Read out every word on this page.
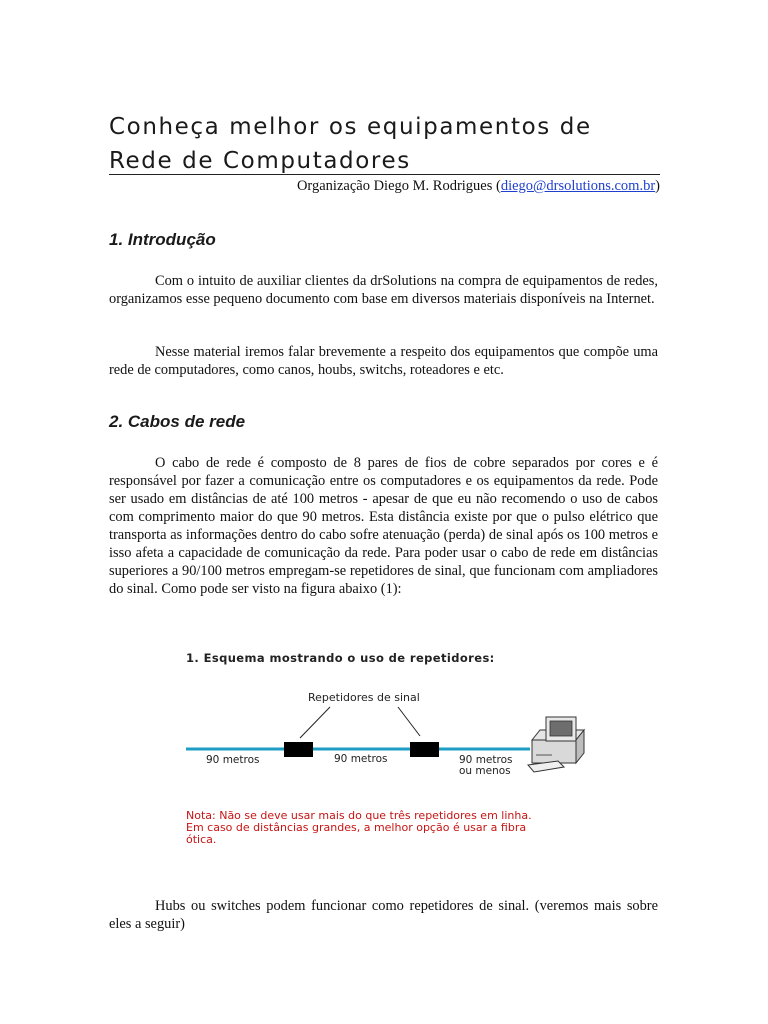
Conheça melhor os equipamentos de Rede de Computadores
Organização Diego M. Rodrigues (diego@drsolutions.com.br)
1. Introdução

Com o intuito de auxiliar clientes da drSolutions na compra de equipamentos de redes, organizamos esse pequeno documento com base em diversos materiais disponíveis na Internet.

Nesse material iremos falar brevemente a respeito dos equipamentos que compõe uma rede de computadores, como canos, houbs, switchs, roteadores e etc.

2. Cabos de rede

O cabo de rede é composto de 8 pares de fios de cobre separados por cores e é responsável por fazer a comunicação entre os computadores e os equipamentos da rede. Pode ser usado em distâncias de até 100 metros - apesar de que eu não recomendo o uso de cabos com comprimento maior do que 90 metros. Esta distância existe por que o pulso elétrico que transporta as informações dentro do cabo sofre atenuação (perda) de sinal após os 100 metros e isso afeta a capacidade de comunicação da rede. Para poder usar o cabo de rede em distâncias superiores a 90/100 metros empregam-se repetidores de sinal, que funcionam com ampliadores do sinal. Como pode ser visto na figura abaixo (1):

1. Esquema mostrando o uso de repetidores:
Repetidores de sinal
90 metros	90 metros	90 metros
ou menos
Nota: Não se deve usar mais do que três repetidores em linha.
Em caso de distâncias grandes, a melhor opção é usar a fibra
ótica.

Hubs ou switches podem funcionar como repetidores de sinal. (veremos mais sobre eles a seguir)
